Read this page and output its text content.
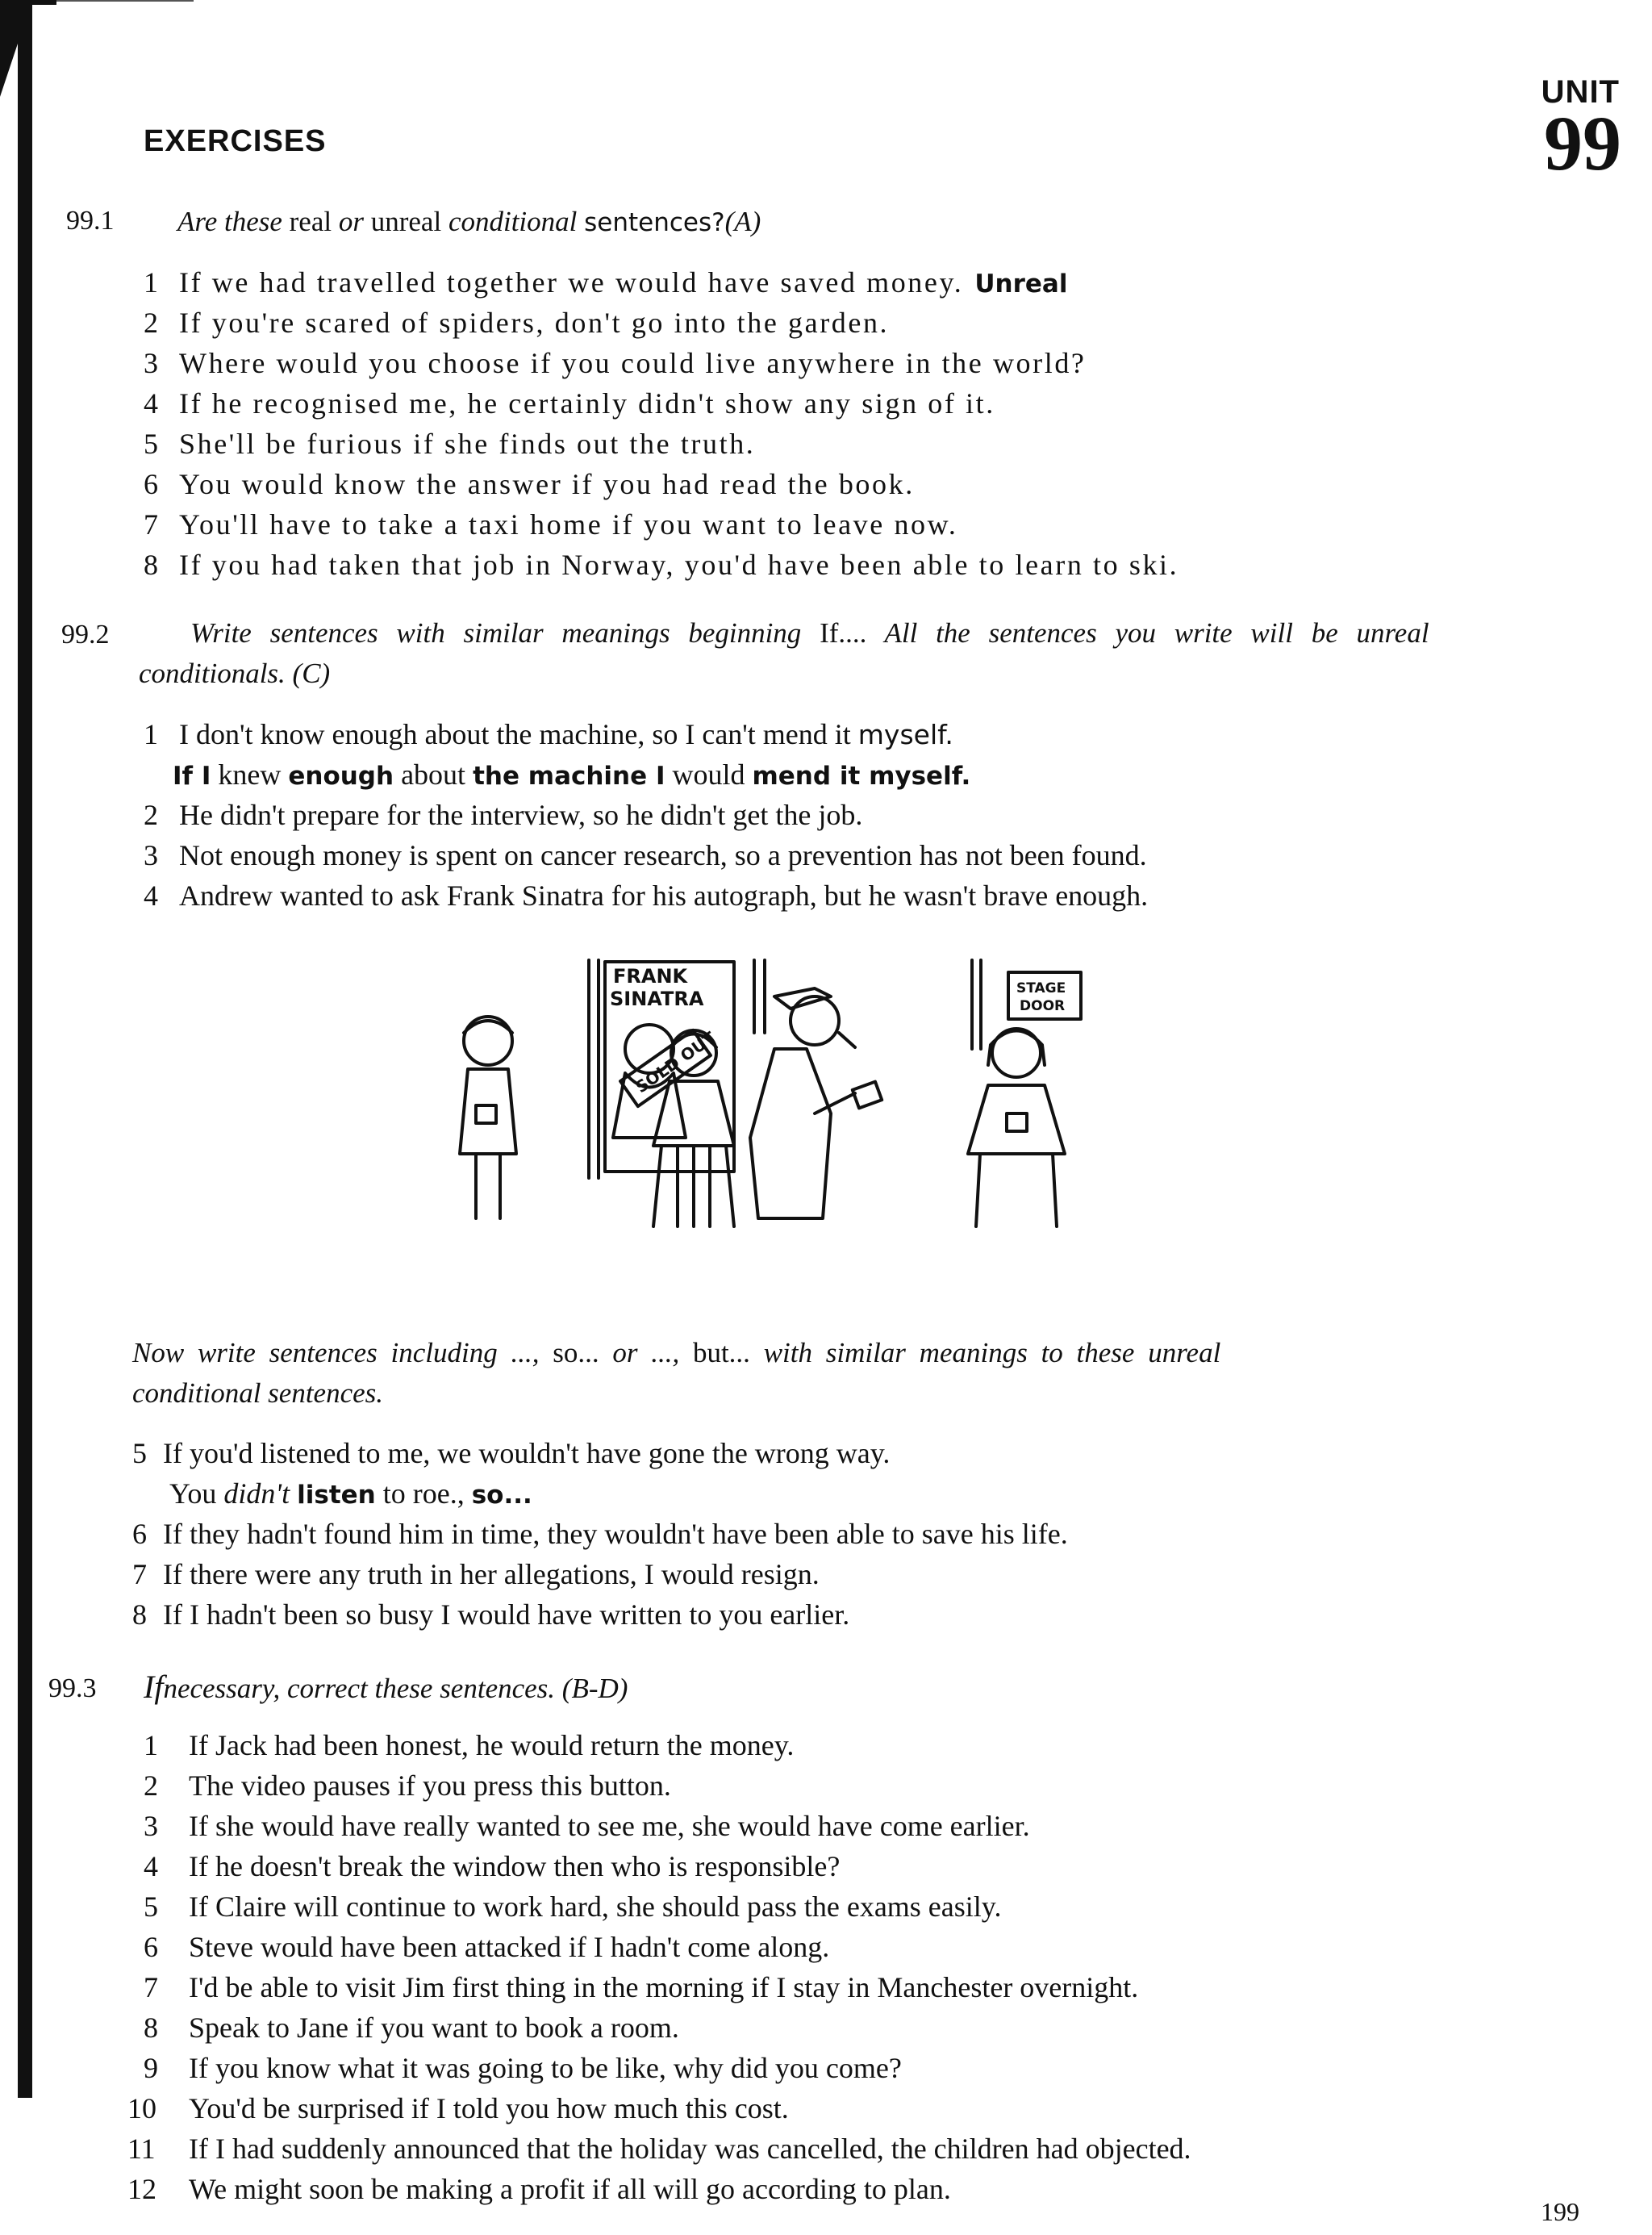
UNIT
99
EXERCISES
99.1 Are these real or unreal conditional sentences?(A)
1 If we had travelled together we would have saved money. Unreal
2 If you're scared of spiders, don't go into the garden.
3 Where would you choose if you could live anywhere in the world?
4 If he recognised me, he certainly didn't show any sign of it.
5 She'll be furious if she finds out the truth.
6 You would know the answer if you had read the book.
7 You'll have to take a taxi home if you want to leave now.
8 If you had taken that job in Norway, you'd have been able to learn to ski.
99.2	Write sentences with similar meanings beginning If.... All the sentences you write will be unreal
conditionals. (C)
1 I don't know enough about the machine, so I can't mend it myself.
If I knew enough about the machine I would mend it myself.
2 He didn't prepare for the interview, so he didn't get the job.
3 Not enough money is spent on cancer research, so a prevention has not been found.
4 Andrew wanted to ask Frank Sinatra for his autograph, but he wasn't brave enough.
FRANK
SINATRA
SOLD OUT
STAGE
DOOR
Now write sentences including ..., so... or ..., but... with similar meanings to these unreal
conditional sentences.
5 If you'd listened to me, we wouldn't have gone the wrong way.
You didn't listen to roe., so...
6 If they hadn't found him in time, they wouldn't have been able to save his life.
7 If there were any truth in her allegations, I would resign.
8 If I hadn't been so busy I would have written to you earlier.
99.3 Ifnecessary, correct these sentences. (B-D)
1 If Jack had been honest, he would return the money.
2 The video pauses if you press this button.
3 If she would have really wanted to see me, she would have come earlier.
4 If he doesn't break the window then who is responsible?
5 If Claire will continue to work hard, she should pass the exams easily.
6 Steve would have been attacked if I hadn't come along.
7 I'd be able to visit Jim first thing in the morning if I stay in Manchester overnight.
8 Speak to Jane if you want to book a room.
9 If you know what it was going to be like, why did you come?
10 You'd be surprised if I told you how much this cost.
11 If I had suddenly announced that the holiday was cancelled, the children had objected.
12 We might soon be making a profit if all will go according to plan.
199
